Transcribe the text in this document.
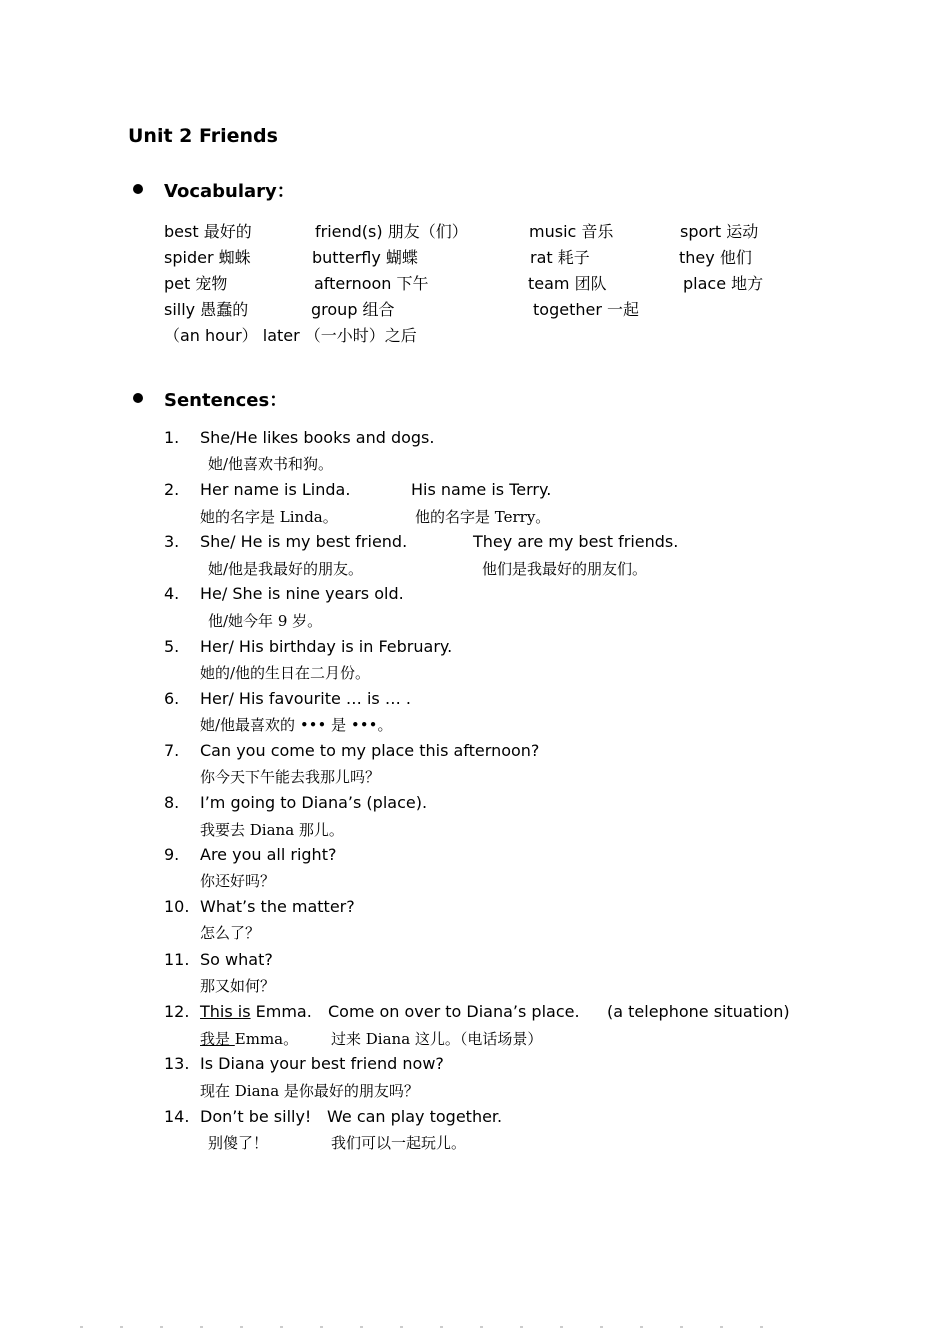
Unit 2 Friends
Vocabulary：
best 最好的	friend(s) 朋友（们）	music 音乐	sport 运动
spider 蜘蛛	butterfly 蝴蝶	rat 耗子	they 他们
pet 宠物	afternoon 下午	team 团队	place 地方
silly 愚蠢的	group 组合	together 一起
（an hour） later （一小时）之后
Sentences：
1. She/He likes books and dogs.
她/他喜欢书和狗。
2. Her name is Linda.	His name is Terry.
她的名字是 Linda。	他的名字是 Terry。
3. She/ He is my best friend.	They are my best friends.
她/他是我最好的朋友。	他们是我最好的朋友们。
4. He/ She is nine years old.
他/她今年 9 岁。
5. Her/ His birthday is in February.
她的/他的生日在二月份。
6. Her/ His favourite … is … .
她/他最喜欢的 ••• 是 •••。
7. Can you come to my place this afternoon?
你今天下午能去我那儿吗？
8. I’m going to Diana’s (place).
我要去 Diana 那儿。
9. Are you all right?
你还好吗？
10. What’s the matter?
怎么了？
11. So what?
那又如何？
12. This is Emma. Come on over to Diana’s place. (a telephone situation)
我是 Emma。 过来 Diana 这儿。（电话场景）
13. Is Diana your best friend now?
现在 Diana 是你最好的朋友吗？
14. Don’t be silly! We can play together.
别傻了！	我们可以一起玩儿。
